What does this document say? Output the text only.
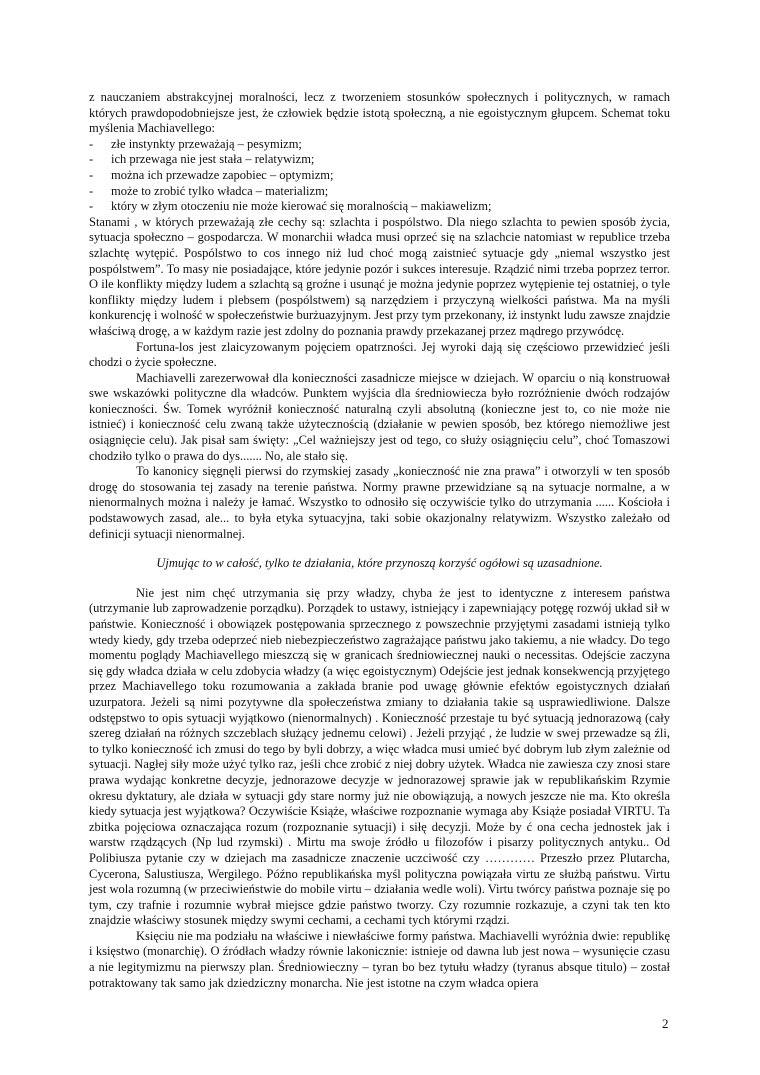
z nauczaniem abstrakcyjnej moralności, lecz z tworzeniem stosunków społecznych i politycznych, w ramach których prawdopodobniejsze jest, że człowiek będzie istotą społeczną, a nie egoistycznym głupcem. Schemat toku myślenia Machiavellego:

- złe instynkty przeważają – pesymizm;
- ich przewaga nie jest stała – relatywizm;
- można ich przewadze zapobiec – optymizm;
- może to zrobić tylko władca – materializm;
- który w złym otoczeniu nie może kierować się moralnością – makiawelizm;

Stanami , w których przeważają złe cechy są: szlachta i pospólstwo. Dla niego szlachta to pewien sposób życia, sytuacja społeczno – gospodarcza. W monarchii władca musi oprzeć się na szlachcie natomiast w republice trzeba szlachtę wytępić. Pospólstwo to cos innego niż lud choć mogą zaistnieć sytuacje gdy „niemal wszystko jest pospólstwem”. To masy nie posiadające, które jedynie pozór i sukces interesuje. Rządzić nimi trzeba poprzez terror. O ile konflikty między ludem a szlachtą są groźne i usunąć je można jedynie poprzez wytępienie tej ostatniej, o tyle konflikty między ludem i plebsem (pospólstwem) są narzędziem i przyczyną wielkości państwa. Ma na myśli konkurencję i wolność w społeczeństwie burżuazyjnym. Jest przy tym przekonany, iż instynkt ludu zawsze znajdzie właściwą drogę, a w każdym razie jest zdolny do poznania prawdy przekazanej przez mądrego przywódcę.

Fortuna-los jest zlaicyzowanym pojęciem opatrzności. Jej wyroki dają się częściowo przewidzieć jeśli chodzi o życie społeczne.

Machiavelli zarezerwował dla konieczności zasadnicze miejsce w dziejach. W oparciu o nią konstruował swe wskazówki polityczne dla władców. Punktem wyjścia dla średniowiecza było rozróżnienie dwóch rodzajów konieczności. Św. Tomek wyróżnił konieczność naturalną czyli absolutną (konieczne jest to, co nie może nie istnieć) i konieczność celu zwaną także użytecznością (działanie w pewien sposób, bez którego niemożliwe jest osiągnięcie celu). Jak pisał sam święty: „Cel ważniejszy jest od tego, co służy osiągnięciu celu”, choć Tomaszowi chodziło tylko o prawa do dys....... No, ale stało się.

To kanonicy sięgnęli pierwsi do rzymskiej zasady „konieczność nie zna prawa” i otworzyli w ten sposób drogę do stosowania tej zasady na terenie państwa. Normy prawne przewidziane są na sytuacje normalne, a w nienormalnych można i należy je łamać. Wszystko to odnosiło się oczywiście tylko do utrzymania ...... Kościoła i podstawowych zasad, ale... to była etyka sytuacyjna, taki sobie okazjonalny relatywizm. Wszystko zależało od definicji sytuacji nienormalnej.

Ujmując to w całość, tylko te działania, które przynoszą korzyść ogółowi są uzasadnione.

Nie jest nim chęć utrzymania się przy władzy, chyba że jest to identyczne z interesem państwa (utrzymanie lub zaprowadzenie porządku). Porządek to ustawy, istniejący i zapewniający potęgę rozwój układ sił w państwie. Konieczność i obowiązek postępowania sprzecznego z powszechnie przyjętymi zasadami istnieją tylko wtedy kiedy, gdy trzeba odeprzeć nieb niebezpieczeństwo zagrażające państwu jako takiemu, a nie władcy. Do tego momentu poglądy Machiavellego mieszczą się w granicach średniowiecznej nauki o necessitas. Odejście zaczyna się gdy władca działa w celu zdobycia władzy (a więc egoistycznym) Odejście jest jednak konsekwencją przyjętego przez Machiavellego toku rozumowania a zakłada branie pod uwagę głównie efektów egoistycznych działań uzurpatora. Jeżeli są nimi pozytywne dla społeczeństwa zmiany to działania takie są usprawiedliwione. Dalsze odstępstwo to opis sytuacji wyjątkowo (nienormalnych) . Konieczność przestaje tu być sytuacją jednorazową (cały szereg działań na różnych szczeblach służący jednemu celowi) . Jeżeli przyjąć , że ludzie w swej przewadze są źli, to tylko konieczność ich zmusi do tego by byli dobrzy, a więc władca musi umieć być dobrym lub złym zależnie od sytuacji. Nagłej siły może użyć tylko raz, jeśli chce zrobić z niej dobry użytek. Władca nie zawiesza czy znosi stare prawa wydając konkretne decyzje, jednorazowe decyzje w jednorazowej sprawie jak w republikańskim Rzymie okresu dyktatury, ale działa w sytuacji gdy stare normy już nie obowiązują, a nowych jeszcze nie ma. Kto określa kiedy sytuacja jest wyjątkowa? Oczywiście Książe, właściwe rozpoznanie wymaga aby Książe posiadał VIRTU. Ta zbitka pojęciowa oznaczająca rozum (rozpoznanie sytuacji) i siłę decyzji. Może by ć ona cecha jednostek jak i warstw rządzących (Np lud rzymski) . Mirtu ma swoje źródło u filozofów i pisarzy politycznych antyku.. Od Polibiusza pytanie czy w dziejach ma zasadnicze znaczenie uczciwość czy ………… Przeszło przez Plutarcha, Cycerona, Salustiusza, Wergilego. Późno republikańska myśl polityczna powiązała virtu ze służbą państwu. Virtu jest wola rozumną (w przeciwieństwie do mobile virtu – działania wedle woli). Virtu twórcy państwa poznaje się po tym, czy trafnie i rozumnie wybrał miejsce gdzie państwo tworzy. Czy rozumnie rozkazuje, a czyni tak ten kto znajdzie właściwy stosunek między swymi cechami, a cechami tych którymi rządzi.

Księciu nie ma podziału na właściwe i niewłaściwe formy państwa. Machiavelli wyróżnia dwie: republikę i księstwo (monarchię). O źródłach władzy równie lakonicznie: istnieje od dawna lub jest nowa – wysunięcie czasu a nie legitymizmu na pierwszy plan. Średniowieczny – tyran bo bez tytułu władzy (tyranus absque titulo) – został potraktowany tak samo jak dziedziczny monarcha. Nie jest istotne na czym władca opiera

2
